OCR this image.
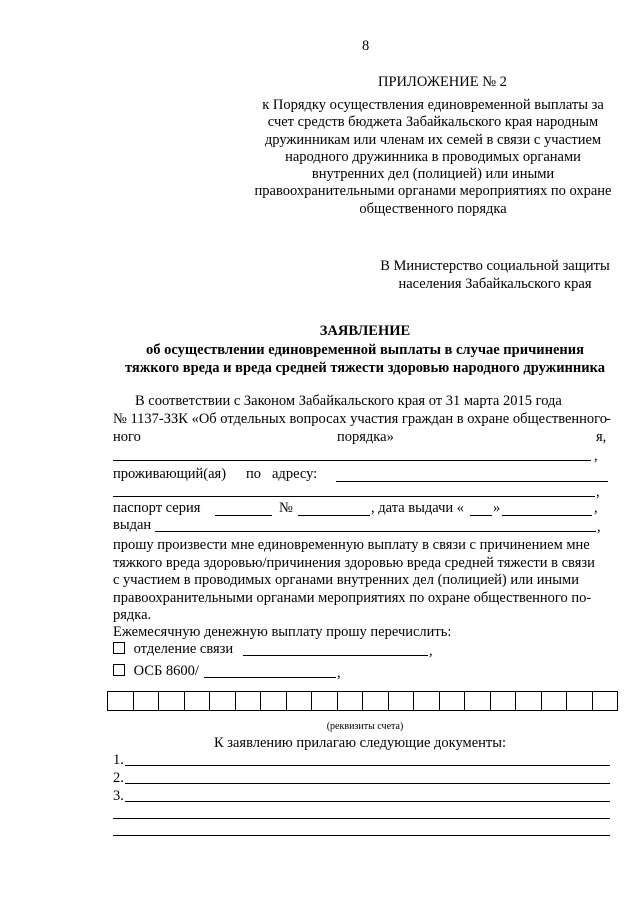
8
ПРИЛОЖЕНИЕ № 2
к Порядку осуществления единовременной выплаты за
счет средств бюджета Забайкальского края народным
дружинникам или членам их семей в связи с участием
народного дружинника в проводимых органами
внутренних дел (полицией) или иными
правоохранительными органами мероприятиях по охране
общественного порядка
В Министерство социальной защиты
населения Забайкальского края
ЗАЯВЛЕНИЕ
об осуществлении единовременной выплаты в случае причинения
тяжкого вреда и вреда средней тяжести здоровью народного дружинника
В соответствии с Законом Забайкальского края от 31 марта 2015 года
№ 1137-ЗЗК «Об отдельных вопросах участия граждан в охране общественного
-
ного	порядка»	я,
,
проживающий(ая) по адресу:
,
паспорт серия	№	, дата выдачи « »	,
выдан	,
прошу произвести мне единовременную выплату в связи с причинением мне
тяжкого вреда здоровью/причинения здоровью вреда средней тяжести в связи
с участием в проводимых органами внутренних дел (полицией) или иными
правоохранительными органами мероприятиях по охране общественного по-
рядка.
Ежемесячную денежную выплату прошу перечислить:
отделение связи	,
ОСБ 8600/	,
(реквизиты счета)
К заявлению прилагаю следующие документы:
1.
2.
3.
